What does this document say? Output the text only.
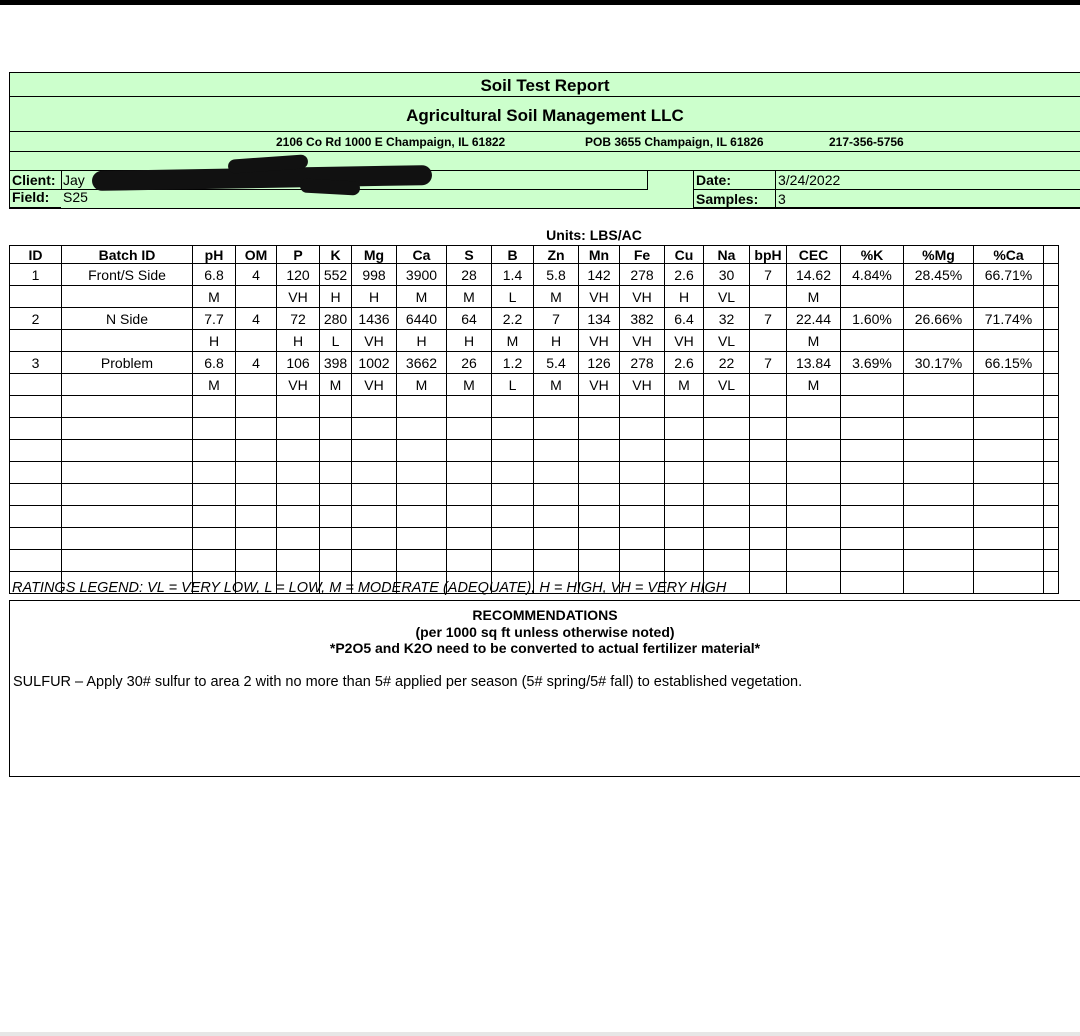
Soil Test Report
Agricultural Soil Management LLC
2106 Co Rd 1000 E Champaign, IL 61822	POB 3655 Champaign, IL 61826	217-356-5756
Client: Jay
Field: S25
Date:	3/24/2022
Samples: 3
Units: LBS/AC
ID	Batch ID	pH	OM	P	K	Mg	Ca	S	B	Zn	Mn	Fe	Cu	Na	bpH	CEC	%K	%Mg	%Ca	
1	Front/S Side	6.8	4	120	552	998	3900	28	1.4	5.8	142	278	2.6	30	7	14.62	4.84%	28.45%	66.71%	
		M		VH	H	H	M	M	L	M	VH	VH	H	VL		M				
2	N Side	7.7	4	72	280	1436	6440	64	2.2	7	134	382	6.4	32	7	22.44	1.60%	26.66%	71.74%	
		H		H	L	VH	H	H	M	H	VH	VH	VH	VL		M				
3	Problem	6.8	4	106	398	1002	3662	26	1.2	5.4	126	278	2.6	22	7	13.84	3.69%	30.17%	66.15%	
		M		VH	M	VH	M	M	L	M	VH	VH	M	VL		M				

RATINGS LEGEND: VL = VERY LOW, L = LOW, M = MODERATE (ADEQUATE), H = HIGH, VH = VERY HIGH
RECOMMENDATIONS
(per 1000 sq ft unless otherwise noted)
*P2O5 and K2O need to be converted to actual fertilizer material*
SULFUR – Apply 30# sulfur to area 2 with no more than 5# applied per season (5# spring/5# fall) to established vegetation.
